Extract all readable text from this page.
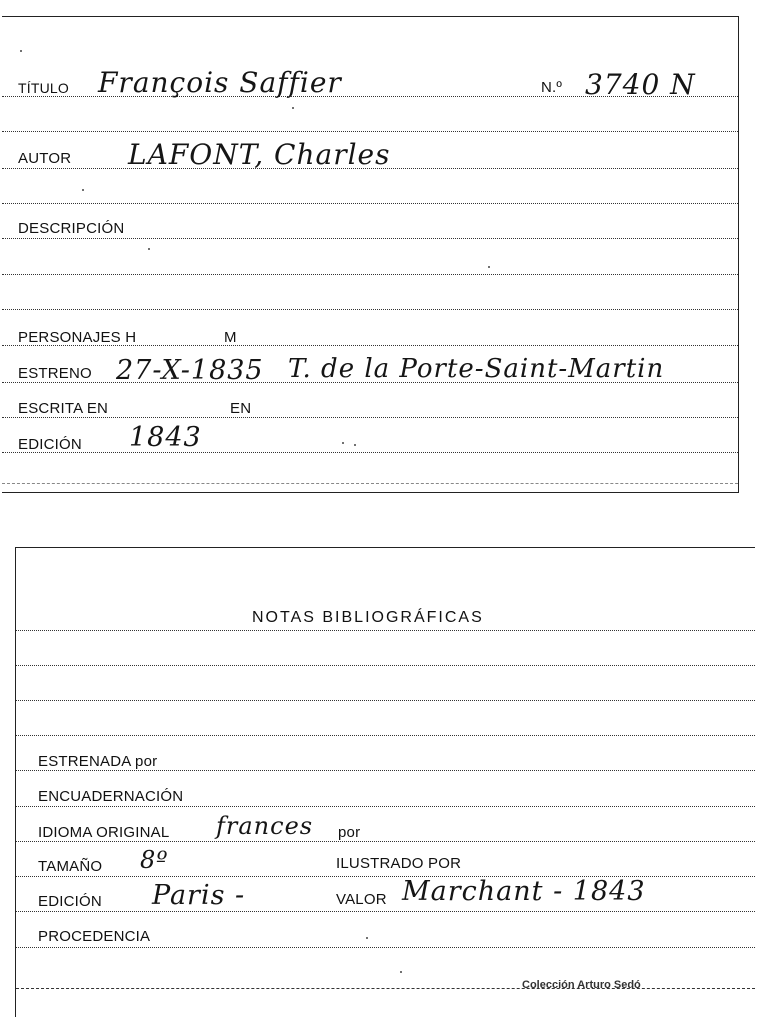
TÍTULO François Saffier	N.º 3740 N
AUTOR LAFONT, Charles
DESCRIPCIÓN
PERSONAJES H	M
ESTRENO 27-X-1835 T. de la Porte-Saint-Martin
ESCRITA EN	EN
EDICIÓN 1843
NOTAS BIBLIOGRÁFICAS
ESTRENADA por
ENCUADERNACIÓN
IDIOMA ORIGINAL frances por
TAMAÑO 8º	ILUSTRADO POR
EDICIÓN Paris -	VALOR Marchant - 1843
PROCEDENCIA
Colección Arturo Sedó
